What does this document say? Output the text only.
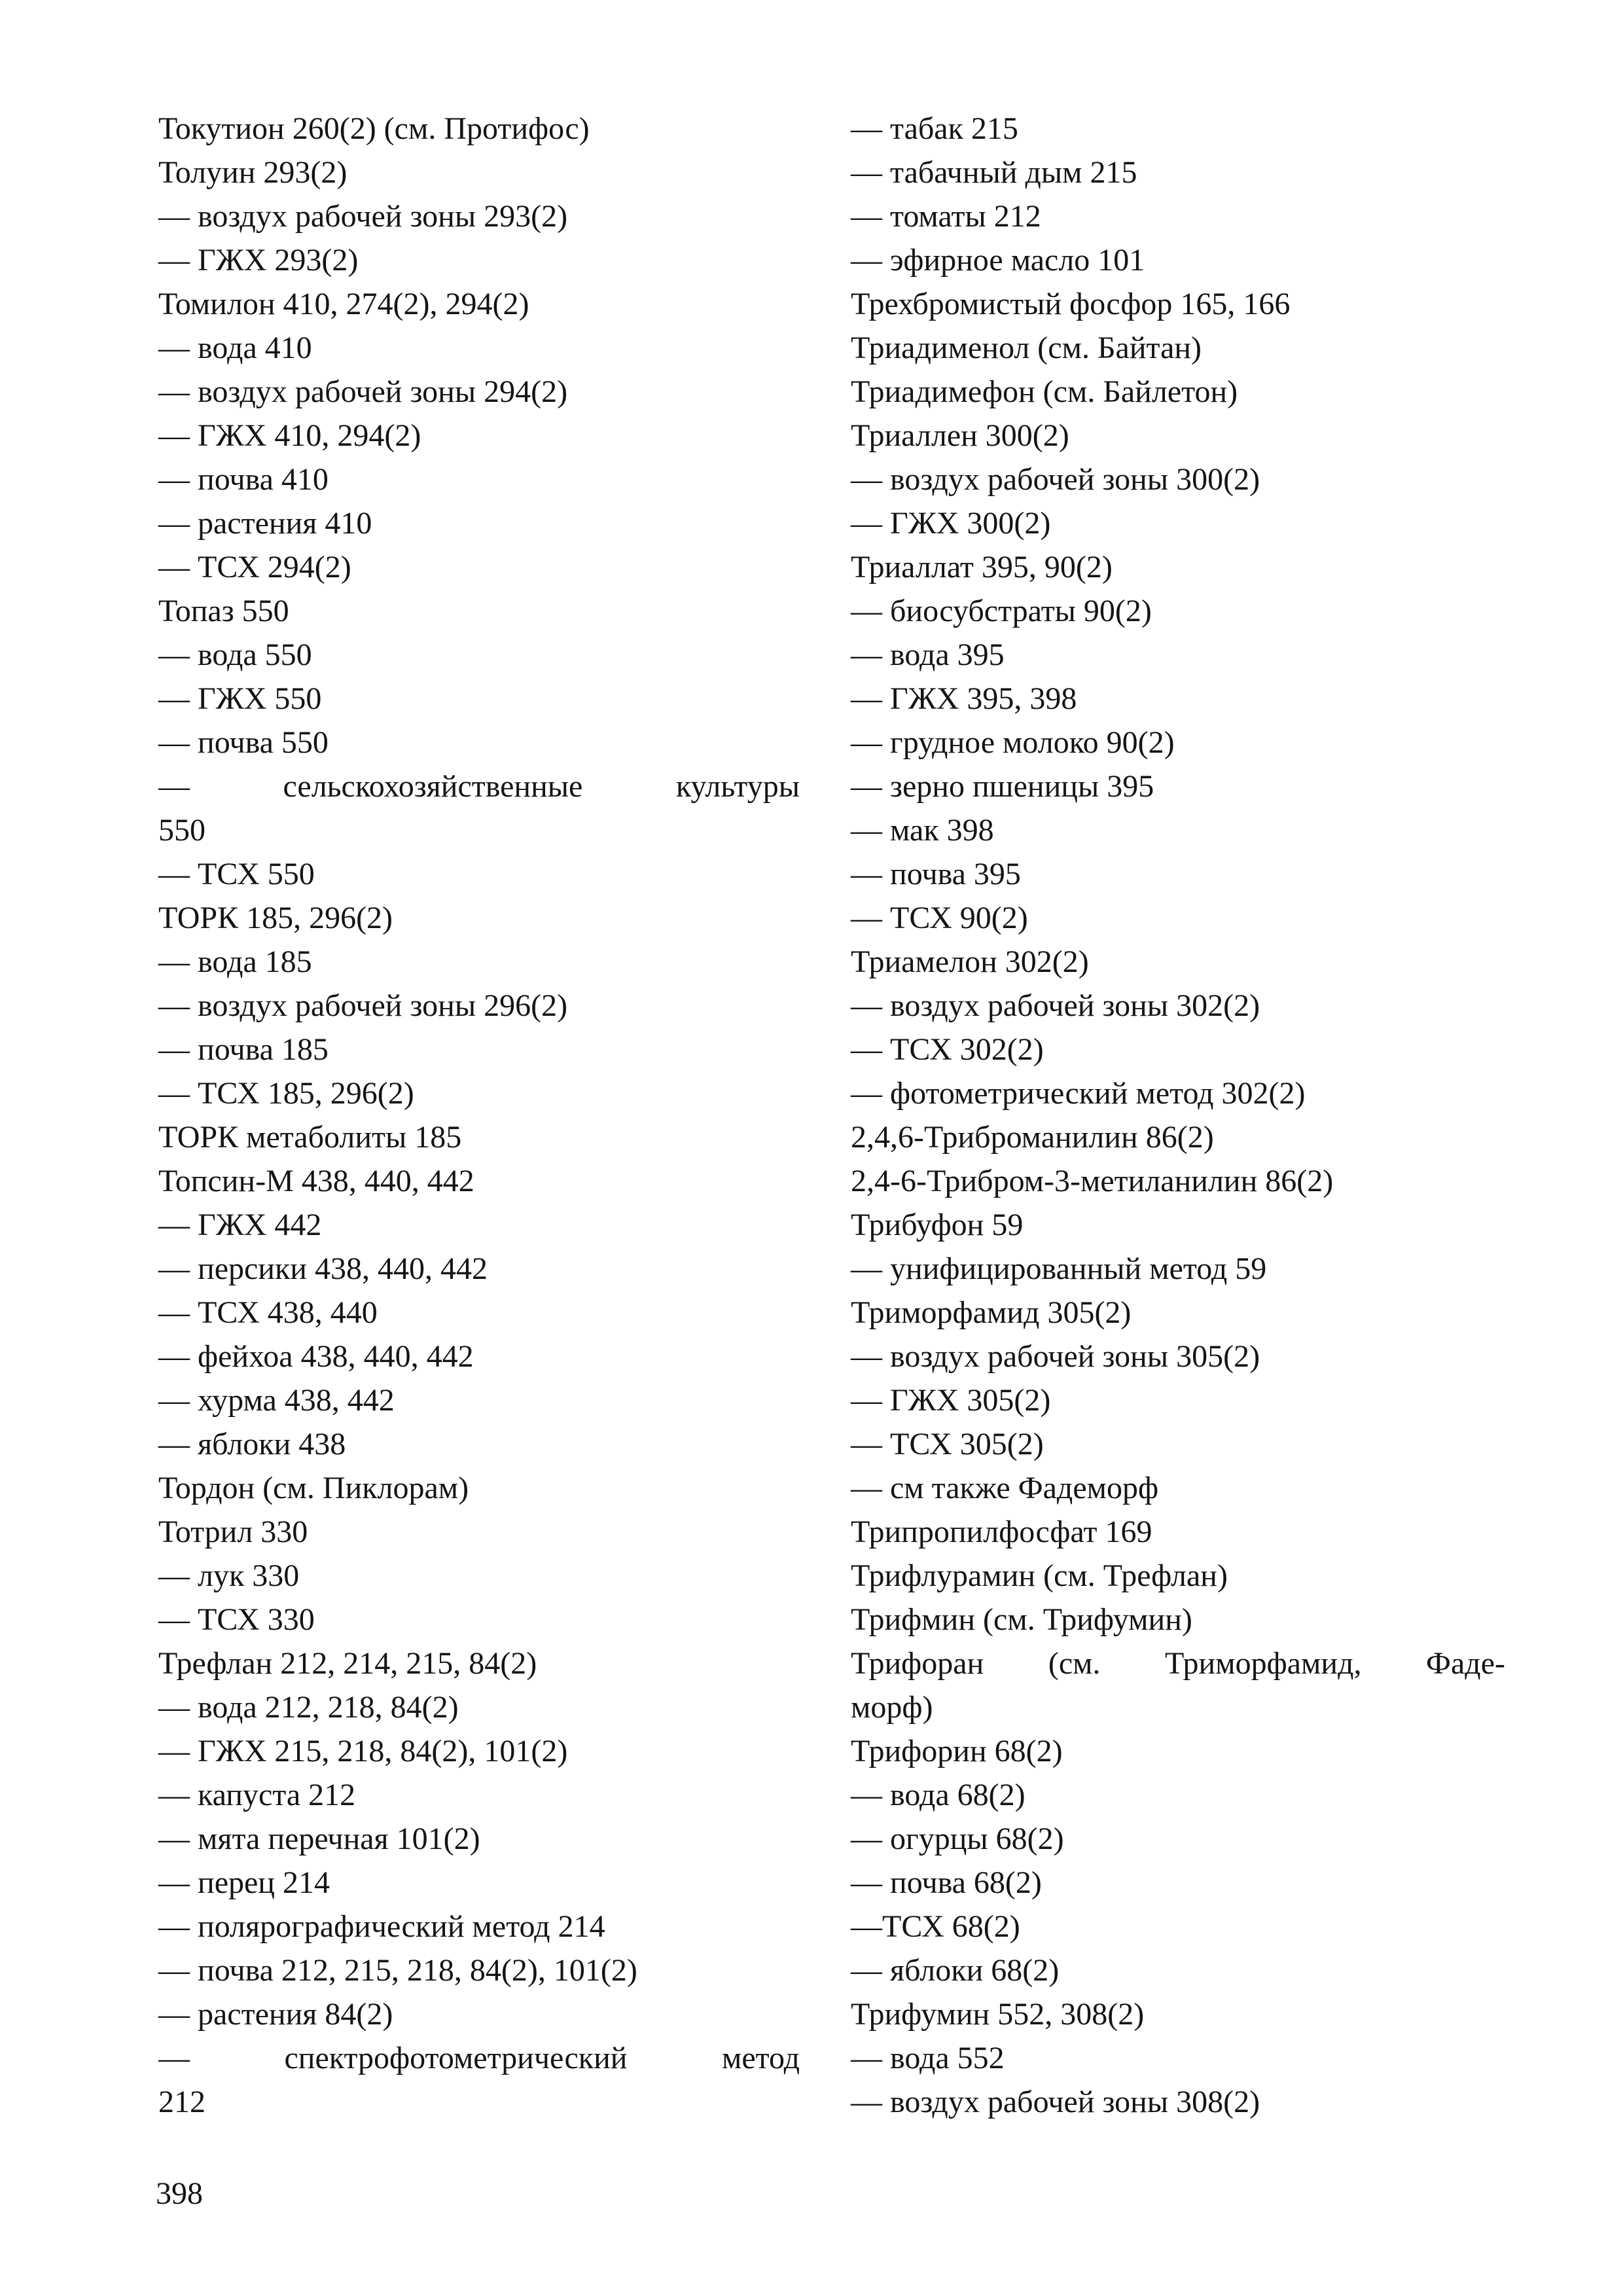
Токутион 260(2) (см. Протифос)
Толуин 293(2)
— воздух рабочей зоны 293(2)
— ГЖХ 293(2)
Томилон 410, 274(2), 294(2)
— вода 410
— воздух рабочей зоны 294(2)
— ГЖХ 410, 294(2)
— почва 410
— растения 410
— ТСХ 294(2)
Топаз 550
— вода 550
— ГЖХ 550
— почва 550
— сельскохозяйственные культуры
550
— ТСХ 550
ТОРК 185, 296(2)
— вода 185
— воздух рабочей зоны 296(2)
— почва 185
— ТСХ 185, 296(2)
ТОРК метаболиты 185
Топсин-М 438, 440, 442
— ГЖХ 442
— персики 438, 440, 442
— ТСХ 438, 440
— фейхоа 438, 440, 442
— хурма 438, 442
— яблоки 438
Тордон (см. Пиклорам)
Тотрил 330
— лук 330
— ТСХ 330
Трефлан 212, 214, 215, 84(2)
— вода 212, 218, 84(2)
— ГЖХ 215, 218, 84(2), 101(2)
— капуста 212
— мята перечная 101(2)
— перец 214
— полярографический метод 214
— почва 212, 215, 218, 84(2), 101(2)
— растения 84(2)
— спектрофотометрический метод
212
— табак 215
— табачный дым 215
— томаты 212
— эфирное масло 101
Трехбромистый фосфор 165, 166
Триадименол (см. Байтан)
Триадимефон (см. Байлетон)
Триаллен 300(2)
— воздух рабочей зоны 300(2)
— ГЖХ 300(2)
Триаллат 395, 90(2)
— биосубстраты 90(2)
— вода 395
— ГЖХ 395, 398
— грудное молоко 90(2)
— зерно пшеницы 395
— мак 398
— почва 395
— ТСХ 90(2)
Триамелон 302(2)
— воздух рабочей зоны 302(2)
— ТСХ 302(2)
— фотометрический метод 302(2)
2,4,6-Триброманилин 86(2)
2,4-6-Трибром-3-метиланилин 86(2)
Трибуфон 59
— унифицированный метод 59
Триморфамид 305(2)
— воздух рабочей зоны 305(2)
— ГЖХ 305(2)
— ТСХ 305(2)
— см также Фадеморф
Трипропилфосфат 169
Трифлурамин (см. Трефлан)
Трифмин (см. Трифумин)
Трифоран (см. Триморфамид, Фаде-
морф)
Трифорин 68(2)
— вода 68(2)
— огурцы 68(2)
— почва 68(2)
—ТСХ 68(2)
— яблоки 68(2)
Трифумин 552, 308(2)
— вода 552
— воздух рабочей зоны 308(2)
398
